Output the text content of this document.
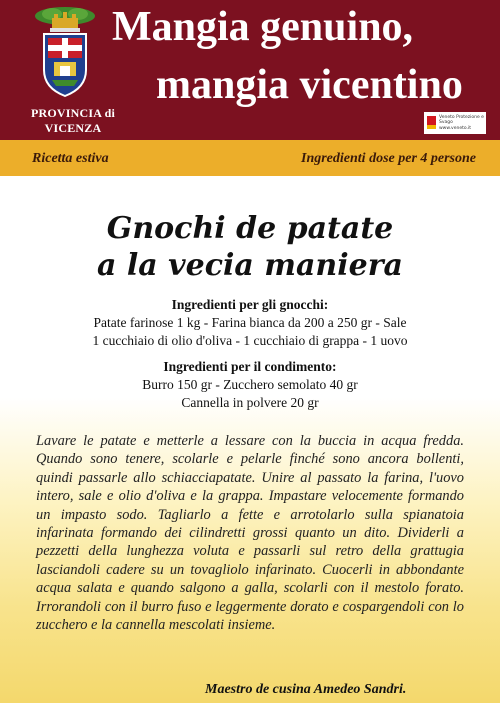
PROVINCIA di VICENZA
Mangia genuino,
mangia vicentino
Veneto Protezione e Svago
www.veneto.it
Ricetta estiva	Ingredienti dose per 4 persone
Gnochi de patate
a la vecia maniera
Ingredienti per gli gnocchi:
Patate farinose 1 kg - Farina bianca da 200 a 250 gr - Sale
1 cucchiaio di olio d'oliva - 1 cucchiaio di grappa - 1 uovo
Ingredienti per il condimento:
Burro 150 gr - Zucchero semolato 40 gr
Cannella in polvere 20 gr
Lavare le patate e metterle a lessare con la buccia in acqua fredda. Quando sono tenere, scolarle e pelarle finché sono ancora bollenti, quindi passarle allo schiacciapatate. Unire al passato la farina, l'uovo intero, sale e olio d'oliva e la grappa. Impastare velocemente formando un impasto sodo. Tagliarlo a fette e arrotolarlo sulla spianatoia infarinata formando dei cilindretti grossi quanto un dito. Dividerli a pezzetti della lunghezza voluta e passarli sul retro della grattugia lasciandoli cadere su un tovagliolo infarinato. Cuocerli in abbondante acqua salata e quando salgono a galla, scolarli con il mestolo forato. Irrorandoli con il burro fuso e leggermente dorato e cospargendoli con lo zucchero e la cannella mescolati insieme.
Maestro de cusina Amedeo Sandri.
